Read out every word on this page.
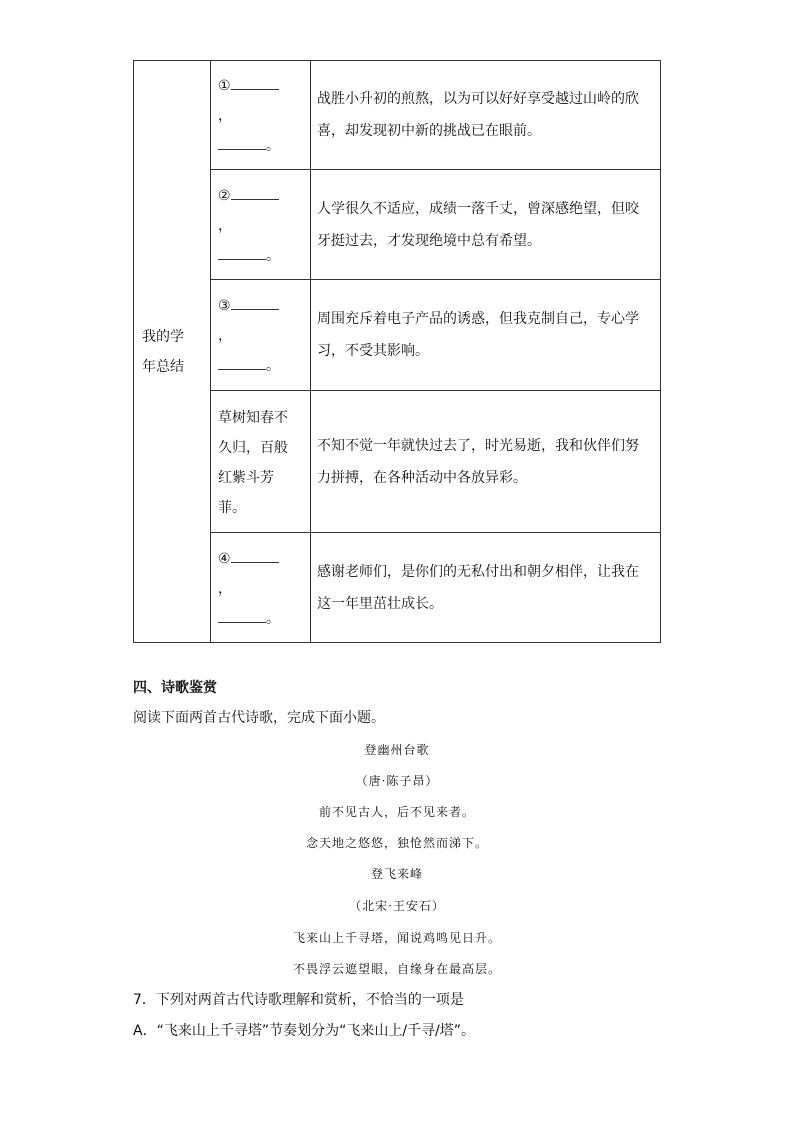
我的学年总结	①
，
。	战胜小升初的煎熬，以为可以好好享受越过山岭的欣喜，却发现初中新的挑战已在眼前。

	②
，
。	人学很久不适应，成绩一落千丈，曾深感绝望，但咬牙挺过去，才发现绝境中总有希望。

	③
，
。	周围充斥着电子产品的诱惑，但我克制自己，专心学习，不受其影响。

	草树知春不久归，百般红紫斗芳菲。	不知不觉一年就快过去了，时光易逝，我和伙伴们努力拼搏，在各种活动中各放异彩。

	④
，
。	感谢老师们，是你们的无私付出和朝夕相伴，让我在这一年里茁壮成长。
四、诗歌鉴赏
阅读下面两首古代诗歌，完成下面小题。
登幽州台歌
（唐·陈子昂）
前不见古人，后不见来者。
念天地之悠悠，独怆然而涕下。
登飞来峰
（北宋·王安石）
飞来山上千寻塔，闻说鸡鸣见日升。
不畏浮云遮望眼，自缘身在最高层。
7．下列对两首古代诗歌理解和赏析，不恰当的一项是
A．“飞来山上千寻塔”节奏划分为“飞来山上/千寻/塔”。
